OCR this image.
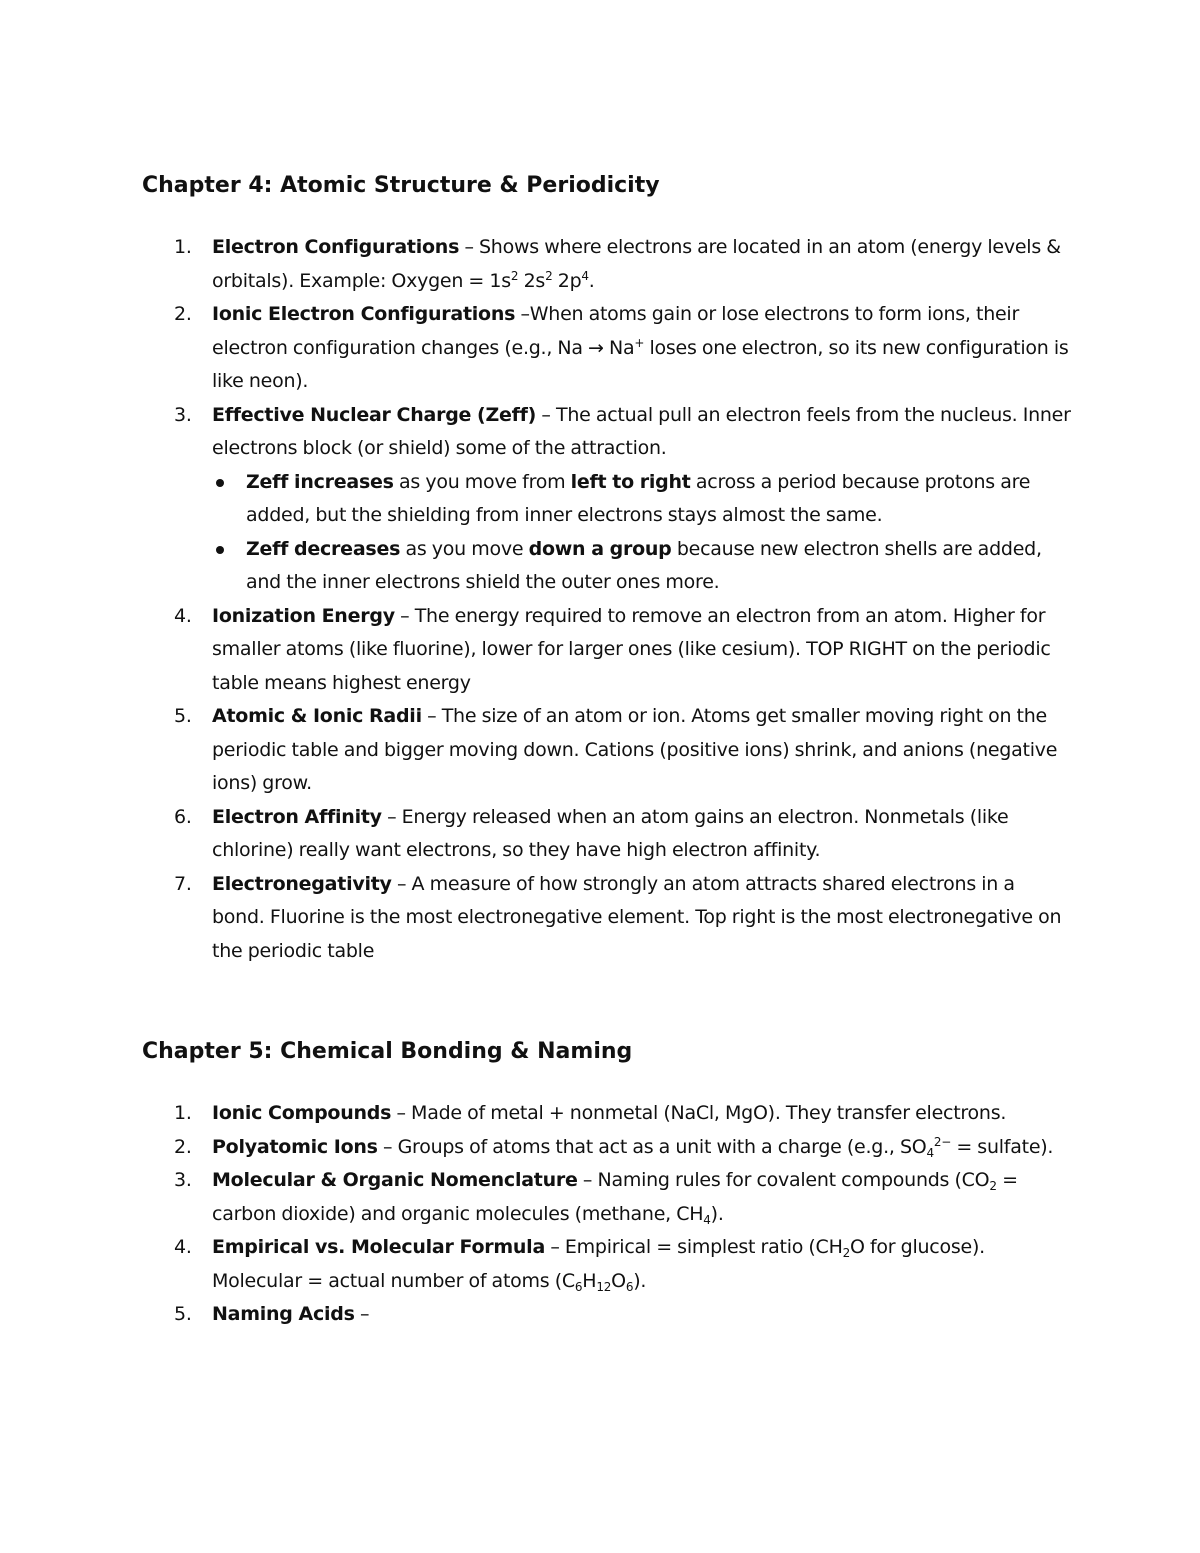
Chapter 4: Atomic Structure & Periodicity
1. Electron Configurations – Shows where electrons are located in an atom (energy levels & orbitals). Example: Oxygen = $1s^2$ $2s^2$ $2p^4$.
2. Ionic Electron Configurations –When atoms gain or lose electrons to form ions, their electron configuration changes (e.g., Na → Na+ loses one electron, so its new configuration is like neon).
3. Effective Nuclear Charge (Zeff) – The actual pull an electron feels from the nucleus. Inner electrons block (or shield) some of the attraction.
Zeff increases as you move from left to right across a period because protons are added, but the shielding from inner electrons stays almost the same.
Zeff decreases as you move down a group because new electron shells are added, and the inner electrons shield the outer ones more.
4. Ionization Energy – The energy required to remove an electron from an atom. Higher for smaller atoms (like fluorine), lower for larger ones (like cesium). TOP RIGHT on the periodic table means highest energy
5. Atomic & Ionic Radii – The size of an atom or ion. Atoms get smaller moving right on the periodic table and bigger moving down. Cations (positive ions) shrink, and anions (negative ions) grow.
6. Electron Affinity – Energy released when an atom gains an electron. Nonmetals (like chlorine) really want electrons, so they have high electron affinity.
7. Electronegativity – A measure of how strongly an atom attracts shared electrons in a bond. Fluorine is the most electronegative element. Top right is the most electronegative on the periodic table
Chapter 5: Chemical Bonding & Naming
1. Ionic Compounds – Made of metal + nonmetal (NaCl, MgO). They transfer electrons.
2. Polyatomic Ions – Groups of atoms that act as a unit with a charge (e.g., $SO_4^{2-}$ = sulfate).
3. Molecular & Organic Nomenclature – Naming rules for covalent compounds ($CO_2$ = carbon dioxide) and organic molecules (methane, $CH_4$).
4. Empirical vs. Molecular Formula – Empirical = simplest ratio ($CH_2O$ for glucose). Molecular = actual number of atoms $(C_6H_{12}O_6)$.
5. Naming Acids –
